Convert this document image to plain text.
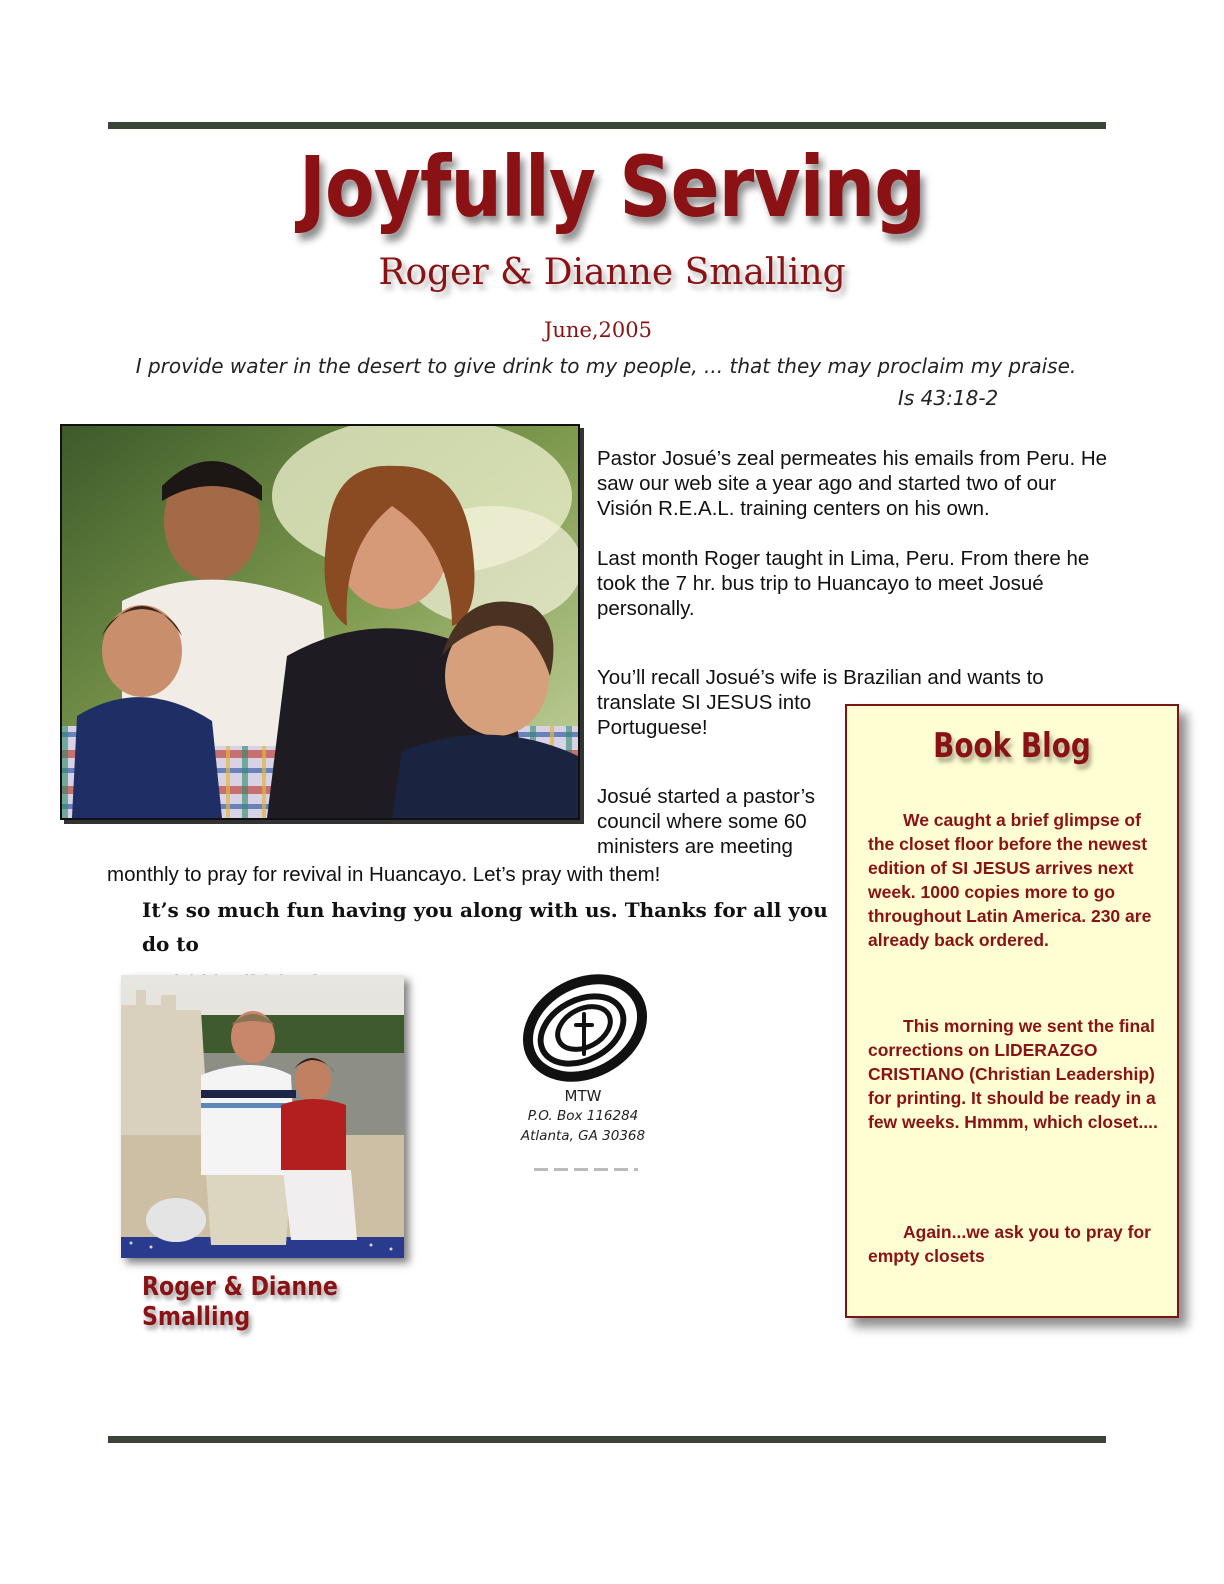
Joyfully Serving
Roger & Dianne Smalling
June,2005
I provide water in the desert to give drink to my people, ... that they may proclaim my praise.
Is 43:18-2
Pastor Josué’s zeal permeates his emails from Peru. He saw our web site a year ago and started two of our Visión R.E.A.L. training centers on his own.
Last month Roger taught in Lima, Peru. From there he took the 7 hr. bus trip to Huancayo to meet Josué personally.
You’ll recall Josué’s wife is Brazilian and wants to
translate SI JESUS into Portuguese!
Josué started a pastor’s council where some 60 ministers are meeting
monthly to pray for revival in Huancayo. Let’s pray with them!
It’s so much fun having you along with us. Thanks for all you do to
Roger & Dianne Smalling
MTW
P.O. Box 116284
Atlanta, GA 30368
Book Blog
We caught a brief glimpse of the closet floor before the newest edition of SI JESUS arrives next week. 1000 copies more to go throughout Latin America. 230 are already back ordered.
This morning we sent the final corrections on LIDERAZGO CRISTIANO (Christian Leadership) for printing. It should be ready in a few weeks. Hmmm, which closet....
Again...we ask you to pray for empty closets
